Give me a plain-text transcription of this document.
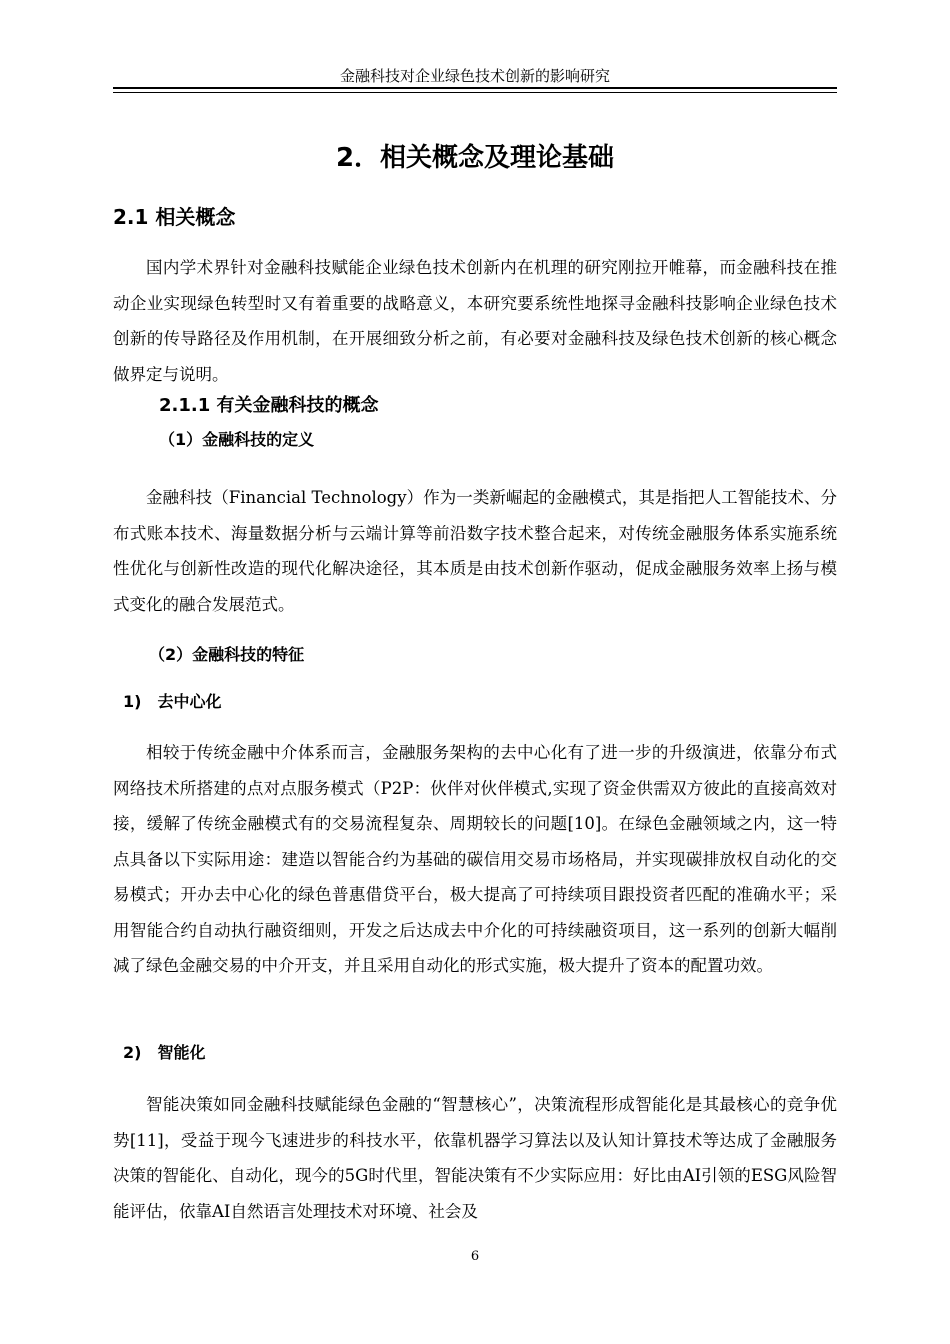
金融科技对企业绿色技术创新的影响研究
2．相关概念及理论基础
2.1 相关概念

国内学术界针对金融科技赋能企业绿色技术创新内在机理的研究刚拉开帷幕，而金融科技在推动企业实现绿色转型时又有着重要的战略意义，本研究要系统性地探寻金融科技影响企业绿色技术创新的传导路径及作用机制，在开展细致分析之前，有必要对金融科技及绿色技术创新的核心概念做界定与说明。

2.1.1 有关金融科技的概念
（1）金融科技的定义

金融科技（Financial Technology）作为一类新崛起的金融模式，其是指把人工智能技术、分布式账本技术、海量数据分析与云端计算等前沿数字技术整合起来，对传统金融服务体系实施系统性优化与创新性改造的现代化解决途径，其本质是由技术创新作驱动，促成金融服务效率上扬与模式变化的融合发展范式。

（2）金融科技的特征
1)　去中心化

相较于传统金融中介体系而言，金融服务架构的去中心化有了进一步的升级演进，依靠分布式网络技术所搭建的点对点服务模式（P2P：伙伴对伙伴模式,实现了资金供需双方彼此的直接高效对接，缓解了传统金融模式有的交易流程复杂、周期较长的问题[10]。在绿色金融领域之内，这一特点具备以下实际用途：建造以智能合约为基础的碳信用交易市场格局，并实现碳排放权自动化的交易模式；开办去中心化的绿色普惠借贷平台，极大提高了可持续项目跟投资者匹配的准确水平；采用智能合约自动执行融资细则，开发之后达成去中介化的可持续融资项目，这一系列的创新大幅削减了绿色金融交易的中介开支，并且采用自动化的形式实施，极大提升了资本的配置功效。

2)　智能化

智能决策如同金融科技赋能绿色金融的“智慧核心”，决策流程形成智能化是其最核心的竞争优势[11]，受益于现今飞速进步的科技水平，依靠机器学习算法以及认知计算技术等达成了金融服务决策的智能化、自动化，现今的5G时代里，智能决策有不少实际应用：好比由AI引领的ESG风险智能评估，依靠AI自然语言处理技术对环境、社会及

6
